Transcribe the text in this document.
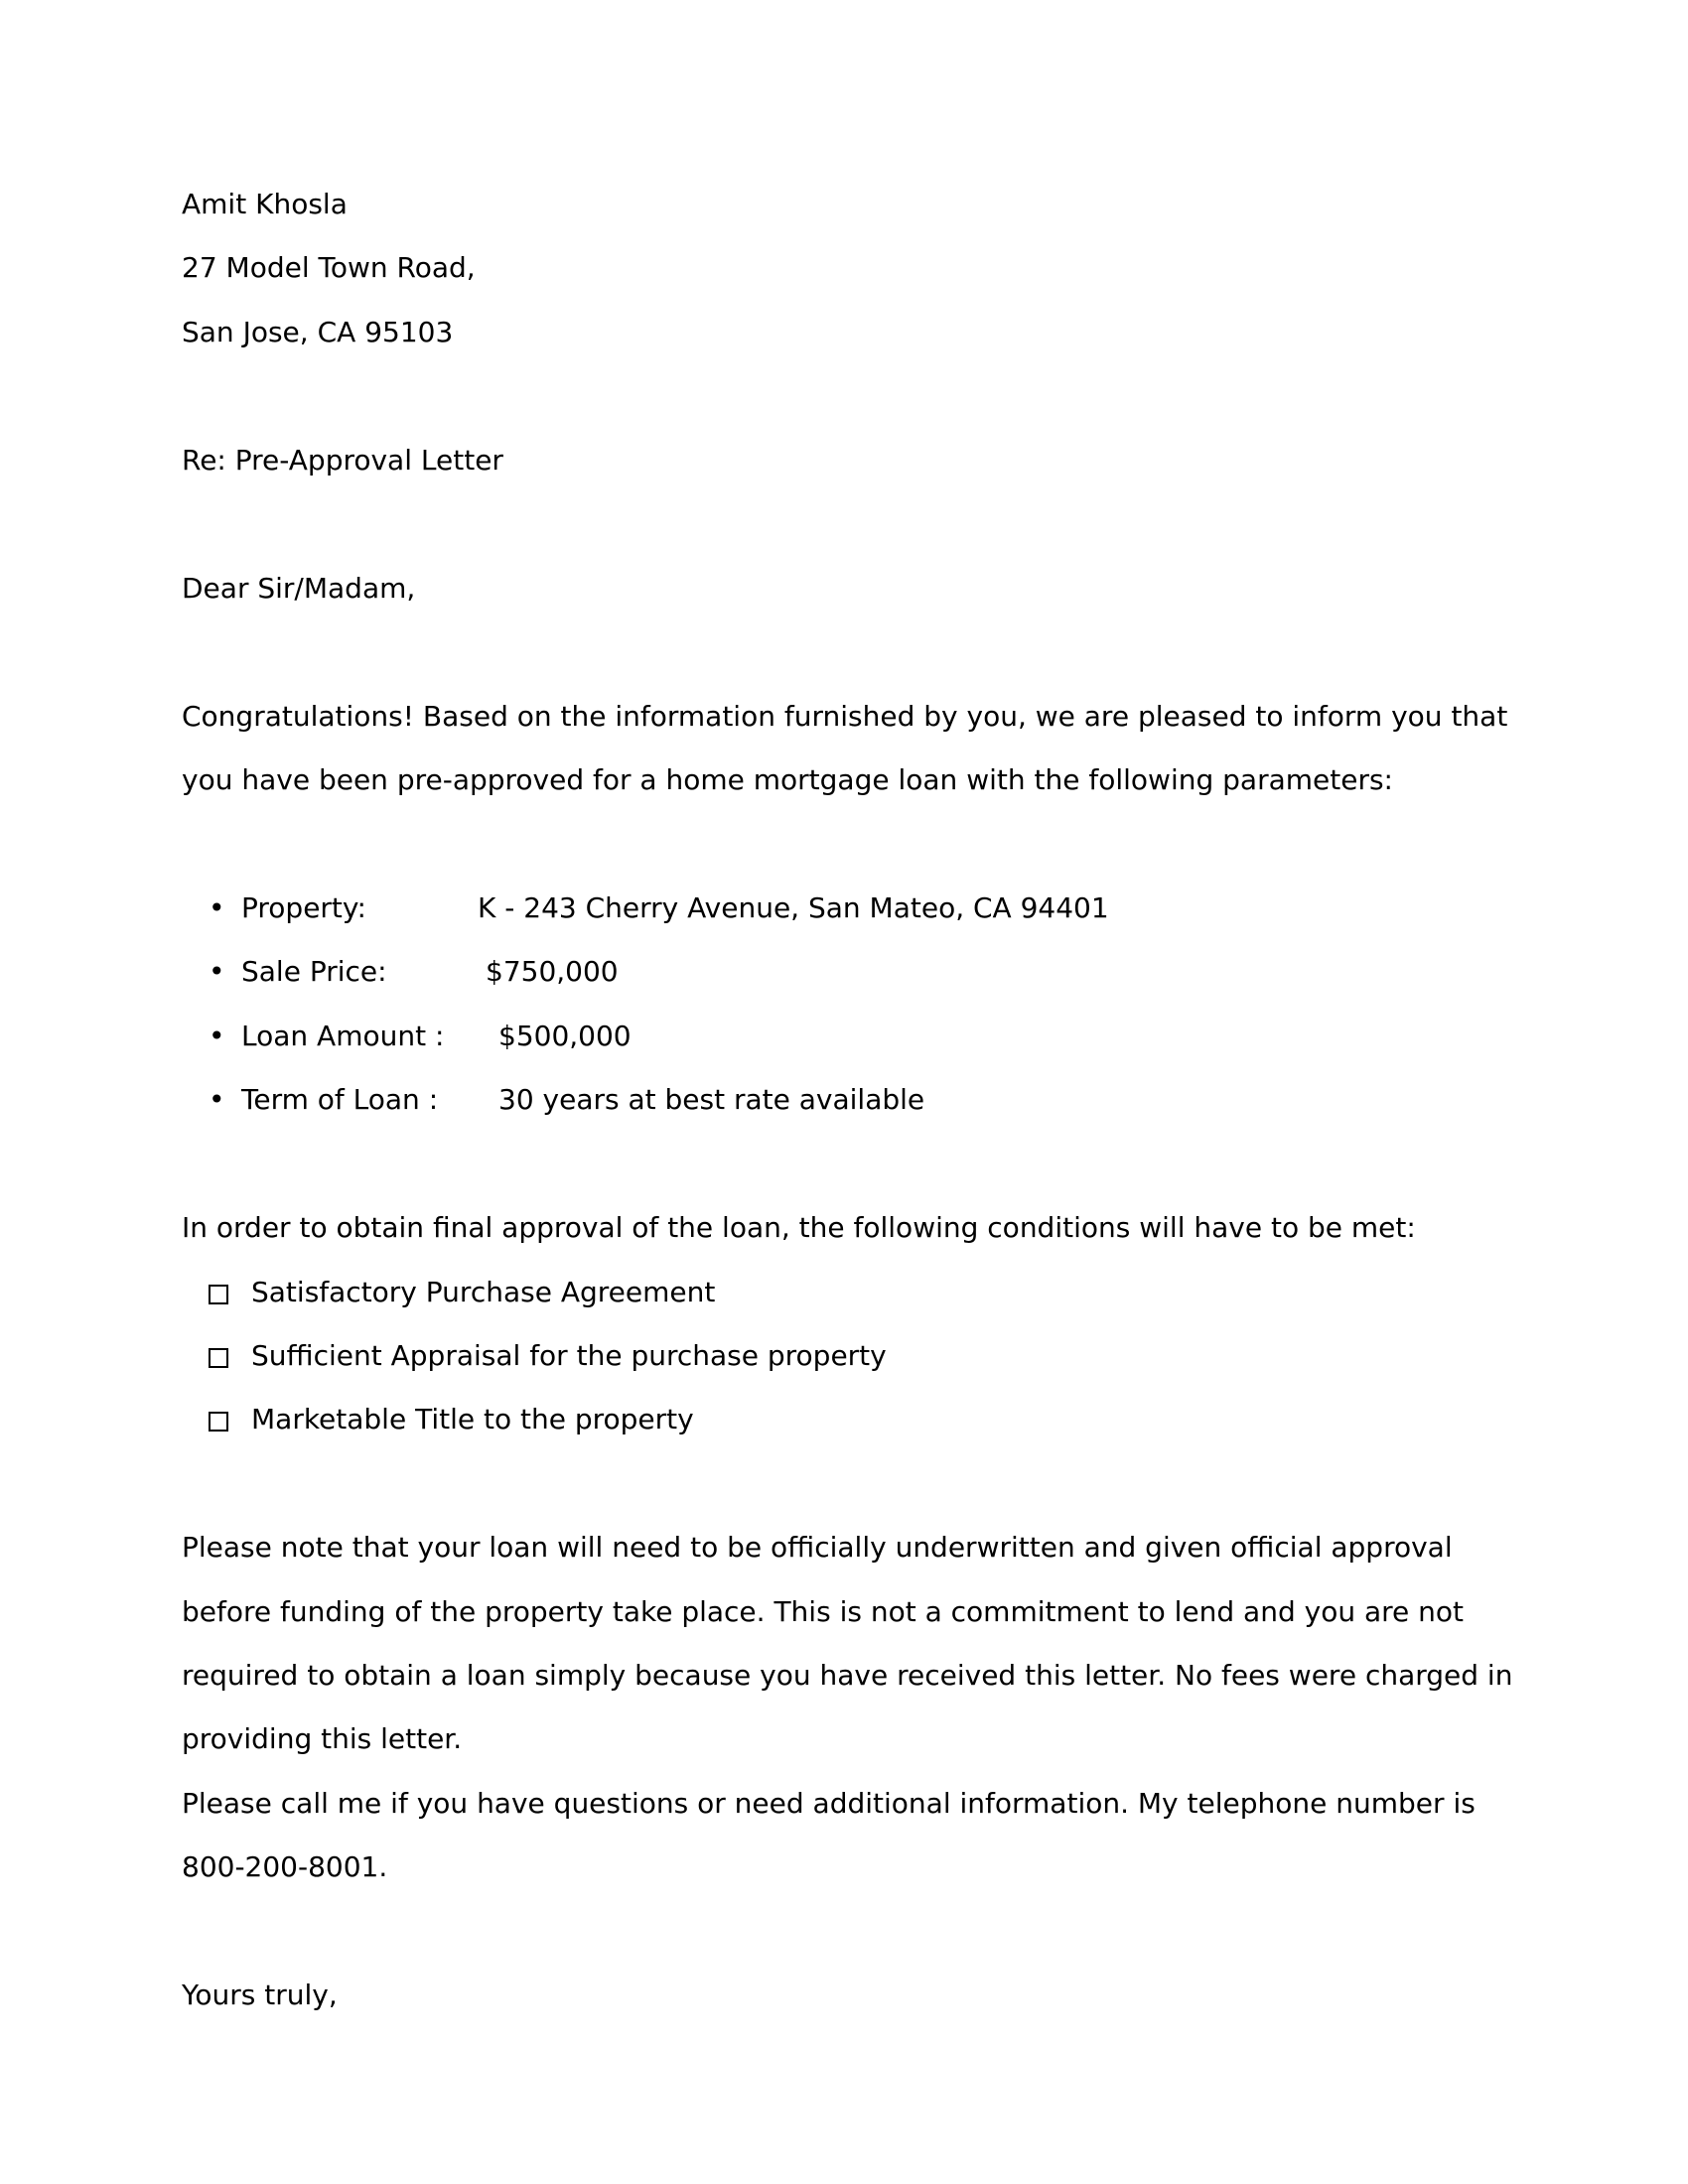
Amit Khosla
27 Model Town Road,
San Jose, CA 95103
Re: Pre-Approval Letter
Dear Sir/Madam,
Congratulations! Based on the information furnished by you, we are pleased to inform you that
you have been pre-approved for a home mortgage loan with the following parameters:
• Property:	K - 243 Cherry Avenue, San Mateo, CA 94401
• Sale Price:	$750,000
• Loan Amount : $500,000
• Term of Loan : 30 years at best rate available
In order to obtain final approval of the loan, the following conditions will have to be met:
Satisfactory Purchase Agreement
Sufficient Appraisal for the purchase property
Marketable Title to the property
Please note that your loan will need to be officially underwritten and given official approval
before funding of the property take place. This is not a commitment to lend and you are not
required to obtain a loan simply because you have received this letter. No fees were charged in
providing this letter.
Please call me if you have questions or need additional information. My telephone number is
800-200-8001.
Yours truly,
